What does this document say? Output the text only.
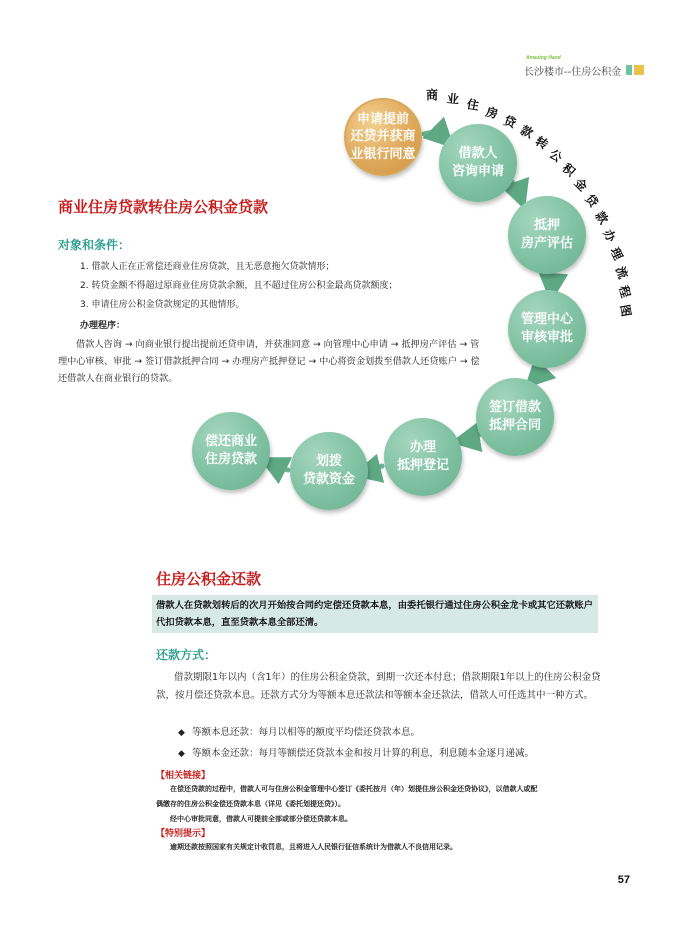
Amazing Hand
长沙楼市--住房公积金
商 业 住 房
贷
款
转
公
积
金
贷
款
办
理
流
程
图
申请提前
还贷并获商
业银行同意	借款人
咨询申请
抵押
房产评估
管理中心
审核审批
签订借款
抵押合同
办理
抵押登记
划拨
贷款资金
偿还商业
住房贷款
商业住房贷款转住房公积金贷款
对象和条件：
1. 借款人正在正常偿还商业住房贷款，且无恶意拖欠贷款情形；
2. 转贷金额不得超过原商业住房贷款余额，且不超过住房公积金最高贷款额度；
3. 申请住房公积金贷款规定的其他情形。
办理程序：
借款人咨询 → 向商业银行提出提前还贷申请，并获准同意 → 向管理中心申请 → 抵押房产评估 → 管理中心审核、审批 → 签订借款抵押合同 → 办理房产抵押登记 → 中心将资金划拨至借款人还贷账户 → 偿还借款人在商业银行的贷款。
住房公积金还款
借款人在贷款划转后的次月开始按合同约定偿还贷款本息，由委托银行通过住房公积金龙卡或其它还款账户代扣贷款本息，直至贷款本息全部还清。
还款方式：
借款期限1年以内（含1年）的住房公积金贷款，到期一次还本付息；借款期限1年以上的住房公积金贷款，按月偿还贷款本息。还款方式分为等额本息还款法和等额本金还款法，借款人可任选其中一种方式。
◆ 等额本息还款：每月以相等的额度平均偿还贷款本息。
◆ 等额本金还款：每月等额偿还贷款本金和按月计算的利息，利息随本金逐月递减。
【相关链接】
在偿还贷款的过程中，借款人可与住房公积金管理中心签订《委托按月（年）划提住房公积金还贷协议》，以借款人或配
偶缴存的住房公积金偿还贷款本息（详见《委托划提还贷》）。
经中心审批同意，借款人可提前全部或部分偿还贷款本息。
【特别提示】
逾期还款按照国家有关规定计收罚息，且将进入人民银行征信系统计为借款人不良信用记录。
57
